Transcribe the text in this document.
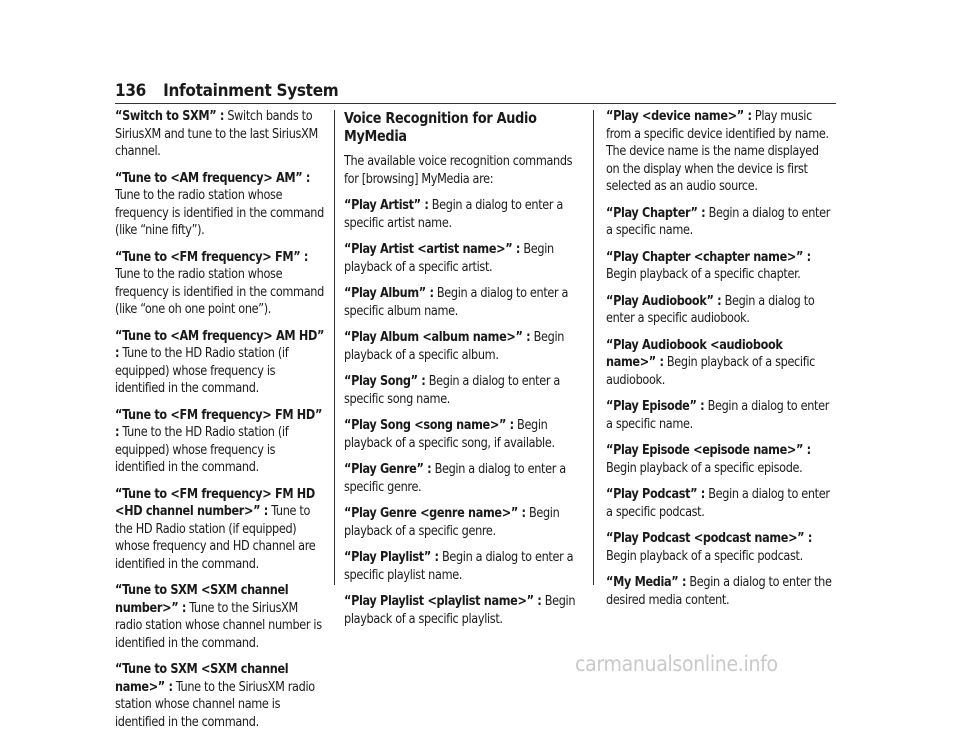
136 Infotainment System

“Switch to SXM” : Switch bands to SiriusXM and tune to the last SiriusXM channel.

“Tune to <AM frequency> AM” : Tune to the radio station whose frequency is identified in the command (like “nine fifty”).

“Tune to <FM frequency> FM” : Tune to the radio station whose frequency is identified in the command (like “one oh one point one”).

“Tune to <AM frequency> AM HD” : Tune to the HD Radio station (if equipped) whose frequency is identified in the command.

“Tune to <FM frequency> FM HD” : Tune to the HD Radio station (if equipped) whose frequency is identified in the command.

“Tune to <FM frequency> FM HD <HD channel number>” : Tune to the HD Radio station (if equipped) whose frequency and HD channel are identified in the command.

“Tune to SXM <SXM channel number>” : Tune to the SiriusXM radio station whose channel number is identified in the command.

“Tune to SXM <SXM channel name>” : Tune to the SiriusXM radio station whose channel name is identified in the command.

Voice Recognition for Audio MyMedia

The available voice recognition commands for [browsing] MyMedia are:

“Play Artist” : Begin a dialog to enter a specific artist name.

“Play Artist <artist name>” : Begin playback of a specific artist.

“Play Album” : Begin a dialog to enter a specific album name.

“Play Album <album name>” : Begin playback of a specific album.

“Play Song” : Begin a dialog to enter a specific song name.

“Play Song <song name>” : Begin playback of a specific song, if available.

“Play Genre” : Begin a dialog to enter a specific genre.

“Play Genre <genre name>” : Begin playback of a specific genre.

“Play Playlist” : Begin a dialog to enter a specific playlist name.

“Play Playlist <playlist name>” : Begin playback of a specific playlist.

“Play <device name>” : Play music from a specific device identified by name. The device name is the name displayed on the display when the device is first selected as an audio source.

“Play Chapter” : Begin a dialog to enter a specific name.

“Play Chapter <chapter name>” : Begin playback of a specific chapter.

“Play Audiobook” : Begin a dialog to enter a specific audiobook.

“Play Audiobook <audiobook name>” : Begin playback of a specific audiobook.

“Play Episode” : Begin a dialog to enter a specific name.

“Play Episode <episode name>” : Begin playback of a specific episode.

“Play Podcast” : Begin a dialog to enter a specific podcast.

“Play Podcast <podcast name>” : Begin playback of a specific podcast.

“My Media” : Begin a dialog to enter the desired media content.

carmanualsonline.info
